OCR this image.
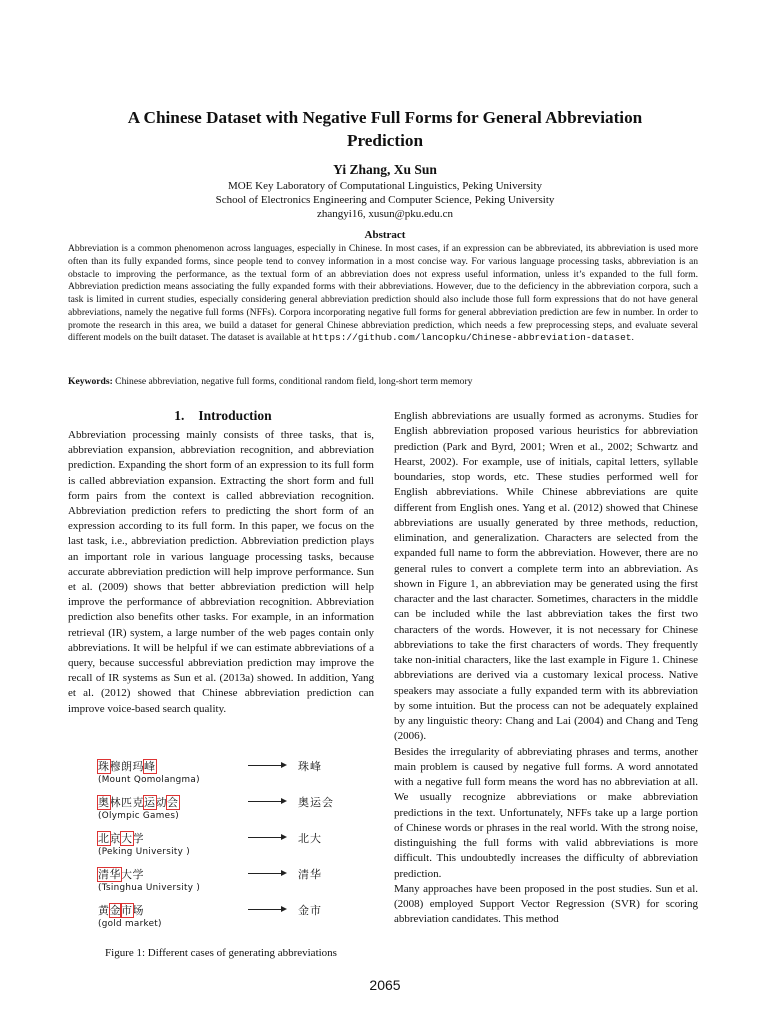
A Chinese Dataset with Negative Full Forms for General Abbreviation Prediction
Yi Zhang, Xu Sun
MOE Key Laboratory of Computational Linguistics, Peking University
School of Electronics Engineering and Computer Science, Peking University
zhangyi16, xusun@pku.edu.cn
Abstract
Abbreviation is a common phenomenon across languages, especially in Chinese. In most cases, if an expression can be abbreviated, its abbreviation is used more often than its fully expanded forms, since people tend to convey information in a most concise way. For various language processing tasks, abbreviation is an obstacle to improving the performance, as the textual form of an abbreviation does not express useful information, unless it’s expanded to the full form. Abbreviation prediction means associating the fully expanded forms with their abbreviations. However, due to the deficiency in the abbreviation corpora, such a task is limited in current studies, especially considering general abbreviation prediction should also include those full form expressions that do not have general abbreviations, namely the negative full forms (NFFs). Corpora incorporating negative full forms for general abbreviation prediction are few in number. In order to promote the research in this area, we build a dataset for general Chinese abbreviation prediction, which needs a few preprocessing steps, and evaluate several different models on the built dataset. The dataset is available at https://github.com/lancopku/Chinese-abbreviation-dataset.
Keywords: Chinese abbreviation, negative full forms, conditional random field, long-short term memory
1. Introduction
Abbreviation processing mainly consists of three tasks, that is, abbreviation expansion, abbreviation recognition, and abbreviation prediction. Expanding the short form of an expression to its full form is called abbreviation expansion. Extracting the short form and full form pairs from the context is called abbreviation recognition. Abbreviation prediction refers to predicting the short form of an expression according to its full form. In this paper, we focus on the last task, i.e., abbreviation prediction. Abbreviation prediction plays an important role in various language processing tasks, because accurate abbreviation prediction will help improve performance. Sun et al. (2009) shows that better abbreviation prediction will help improve the performance of abbreviation recognition. Abbreviation prediction also benefits other tasks. For example, in an information retrieval (IR) system, a large number of the web pages contain only abbreviations. It will be helpful if we can estimate abbreviations of a query, because successful abbreviation prediction may improve the recall of IR systems as Sun et al. (2013a) showed. In addition, Yang et al. (2012) showed that Chinese abbreviation prediction can improve voice-based search quality.
English abbreviations are usually formed as acronyms. Studies for English abbreviation proposed various heuristics for abbreviation prediction (Park and Byrd, 2001; Wren et al., 2002; Schwartz and Hearst, 2002). For example, use of initials, capital letters, syllable boundaries, stop words, etc. These studies performed well for English abbreviations. While Chinese abbreviations are quite different from English ones. Yang et al. (2012) showed that Chinese abbreviations are usually generated by three methods, reduction, elimination, and generalization. Characters are selected from the expanded full name to form the abbreviation. However, there are no general rules to convert a complete term into an abbreviation. As shown in Figure 1, an abbreviation may be generated using the first character and the last character. Sometimes, characters in the middle can be included while the last abbreviation takes the first two characters of the words. However, it is not necessary for Chinese abbreviations to take the first characters of words. They frequently take non-initial characters, like the last example in Figure 1. Chinese abbreviations are derived via a customary lexical process. Native speakers may associate a fully expanded term with its abbreviation by some intuition. But the process can not be adequately explained by any linguistic theory: Chang and Lai (2004) and Chang and Teng (2006).
Besides the irregularity of abbreviating phrases and terms, another main problem is caused by negative full forms. A word annotated with a negative full form means the word has no abbreviation at all. We usually recognize abbreviations or make abbreviation predictions in the text. Unfortunately, NFFs take up a large portion of Chinese words or phrases in the real world. With the strong noise, distinguishing the full forms with valid abbreviations is more difficult. This undoubtedly increases the difficulty of abbreviation prediction.
Many approaches have been proposed in the post studies. Sun et al. (2008) employed Support Vector Regression (SVR) for scoring abbreviation candidates. This method
珠穆朗玛峰
(Mount Qomolangma)
珠峰
奥林匹克运动会
(Olympic Games)
奥运会
北京大学
(Peking University )
北大
清华大学
(Tsinghua University )
清华
黄金市场
(gold market)
金市
Figure 1: Different cases of generating abbreviations
2065
